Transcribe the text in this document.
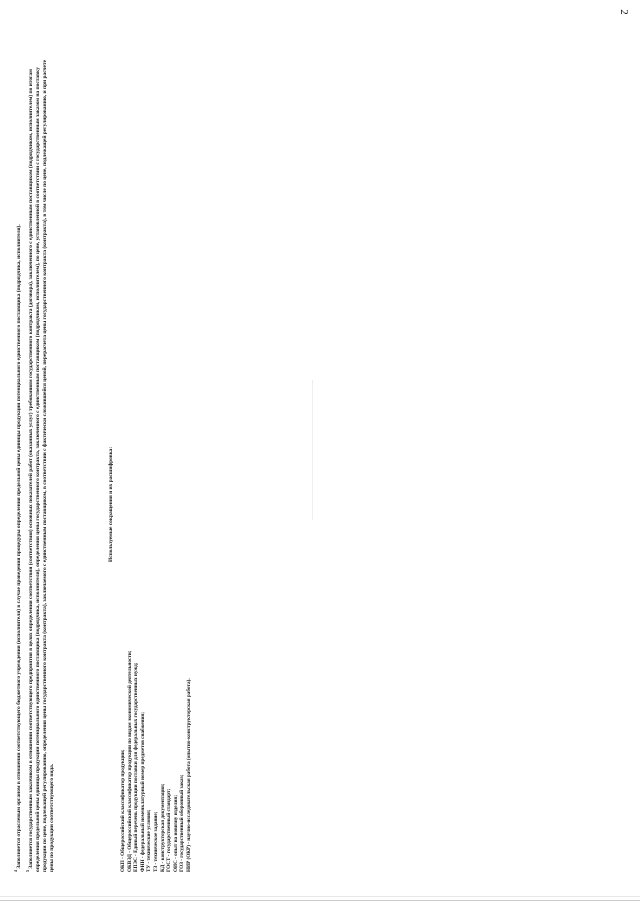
2

$^4$ Заполняется отраслевым органом в отношении соответствующего бюджетного учреждения (исполнителя) в случае проведения процедуры определения предельной цены единицы продукции потенциального единственного поставщика (подрядчика, исполнителя).

$^5$ Заполняется государственным заказчиком в отношении соответствующего предприятия в целях определения соответствия (соответствия) основных показателей работ (оказанных услуг) требованиям государственного контракта (договора), заключенного с единственным поставщиком (подрядчиком, исполнителем) по итогам определения предельной цены единицы продукции потенциального единственного поставщика (подрядчика, исполнителя), определения цены государственного контракта, заключенного с единственным поставщиком (подрядчиком, исполнителем), по цене, установленной в соответствии с государственным заказом на поставку продукции по цене, подлежащей регулированию, определения цены государственного контракта (контракта), заключаемого с единственным поставщиком, в соответствии с фактически сложившейся ценой, перерасчета цены государственного контракта (контракта), в том числе по цене, подлежащей регулированию, и при расчете цены по продукции соответствующего вида.

Используемые сокращения и их расшифровка:
ОКП - Общероссийский классификатор продукции; ОКВЭД - Общероссийский классификатор продукции по видам экономической деятельности; ЕПЭС - Единый перечень продукции поставки для федеральных государственных нужд; ФНН - федеральный номенклатурный номер предметов снабжения; ТУ - технические условия; ТЗ - техническое задание; КД - конструкторская документация; ГОСТ - государственный стандарт; ОИС - опыт на новизну изделия; ГОЗ - государственный оборонный заказ; НИР (ОКР) - научно-исследовательская работа (опытно-конструкторская работа).
